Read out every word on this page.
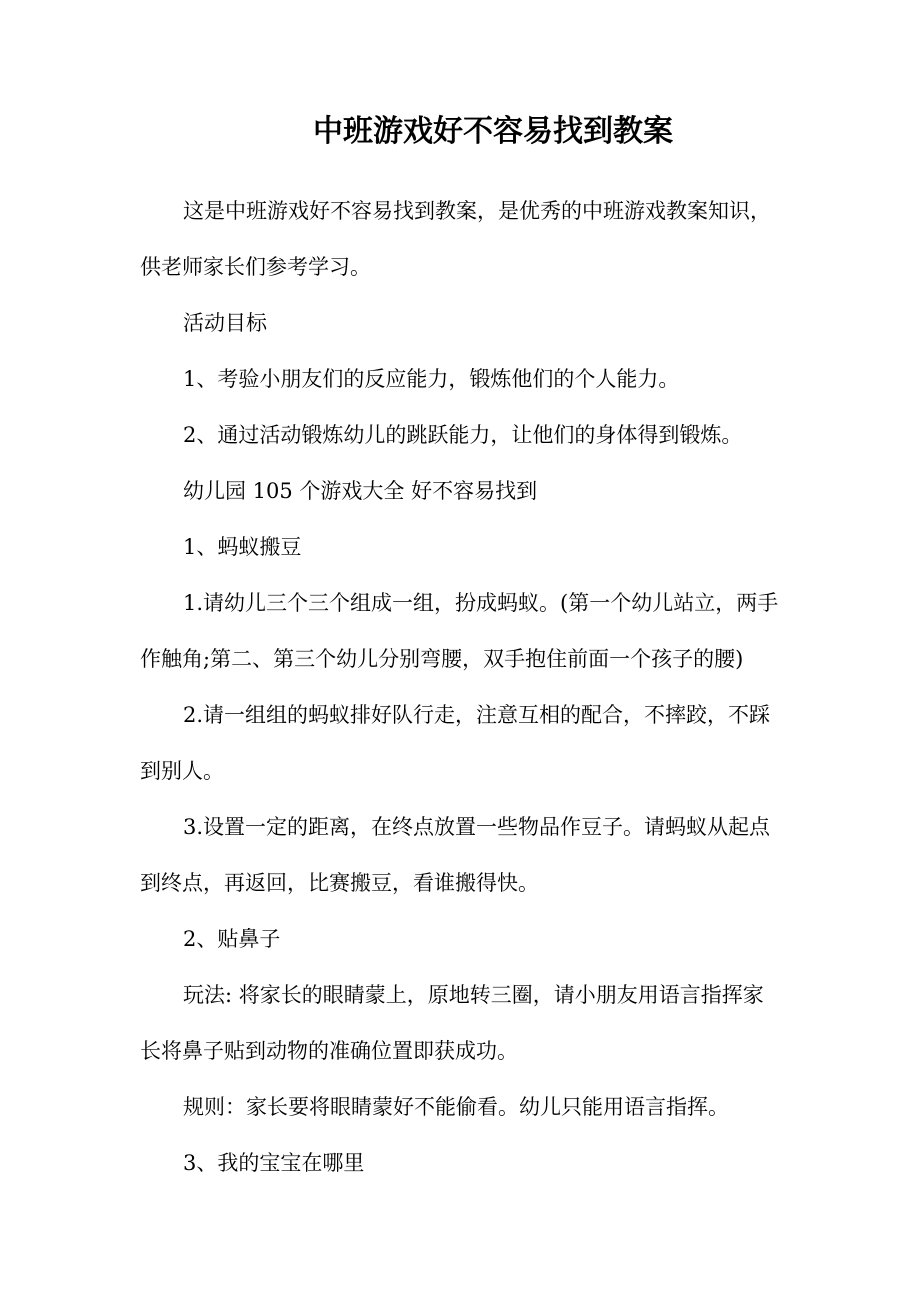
中班游戏好不容易找到教案
这是中班游戏好不容易找到教案，是优秀的中班游戏教案知识，
供老师家长们参考学习。
活动目标
1、考验小朋友们的反应能力，锻炼他们的个人能力。
2、通过活动锻炼幼儿的跳跃能力，让他们的身体得到锻炼。
幼儿园 105 个游戏大全 好不容易找到
1、蚂蚁搬豆
1.请幼儿三个三个组成一组，扮成蚂蚁。(第一个幼儿站立，两手
作触角;第二、第三个幼儿分别弯腰，双手抱住前面一个孩子的腰)
2.请一组组的蚂蚁排好队行走，注意互相的配合，不摔跤，不踩
到别人。
3.设置一定的距离，在终点放置一些物品作豆子。请蚂蚁从起点
到终点，再返回，比赛搬豆，看谁搬得快。
2、贴鼻子
玩法: 将家长的眼睛蒙上，原地转三圈，请小朋友用语言指挥家
长将鼻子贴到动物的准确位置即获成功。
规则：家长要将眼睛蒙好不能偷看。幼儿只能用语言指挥。
3、我的宝宝在哪里
